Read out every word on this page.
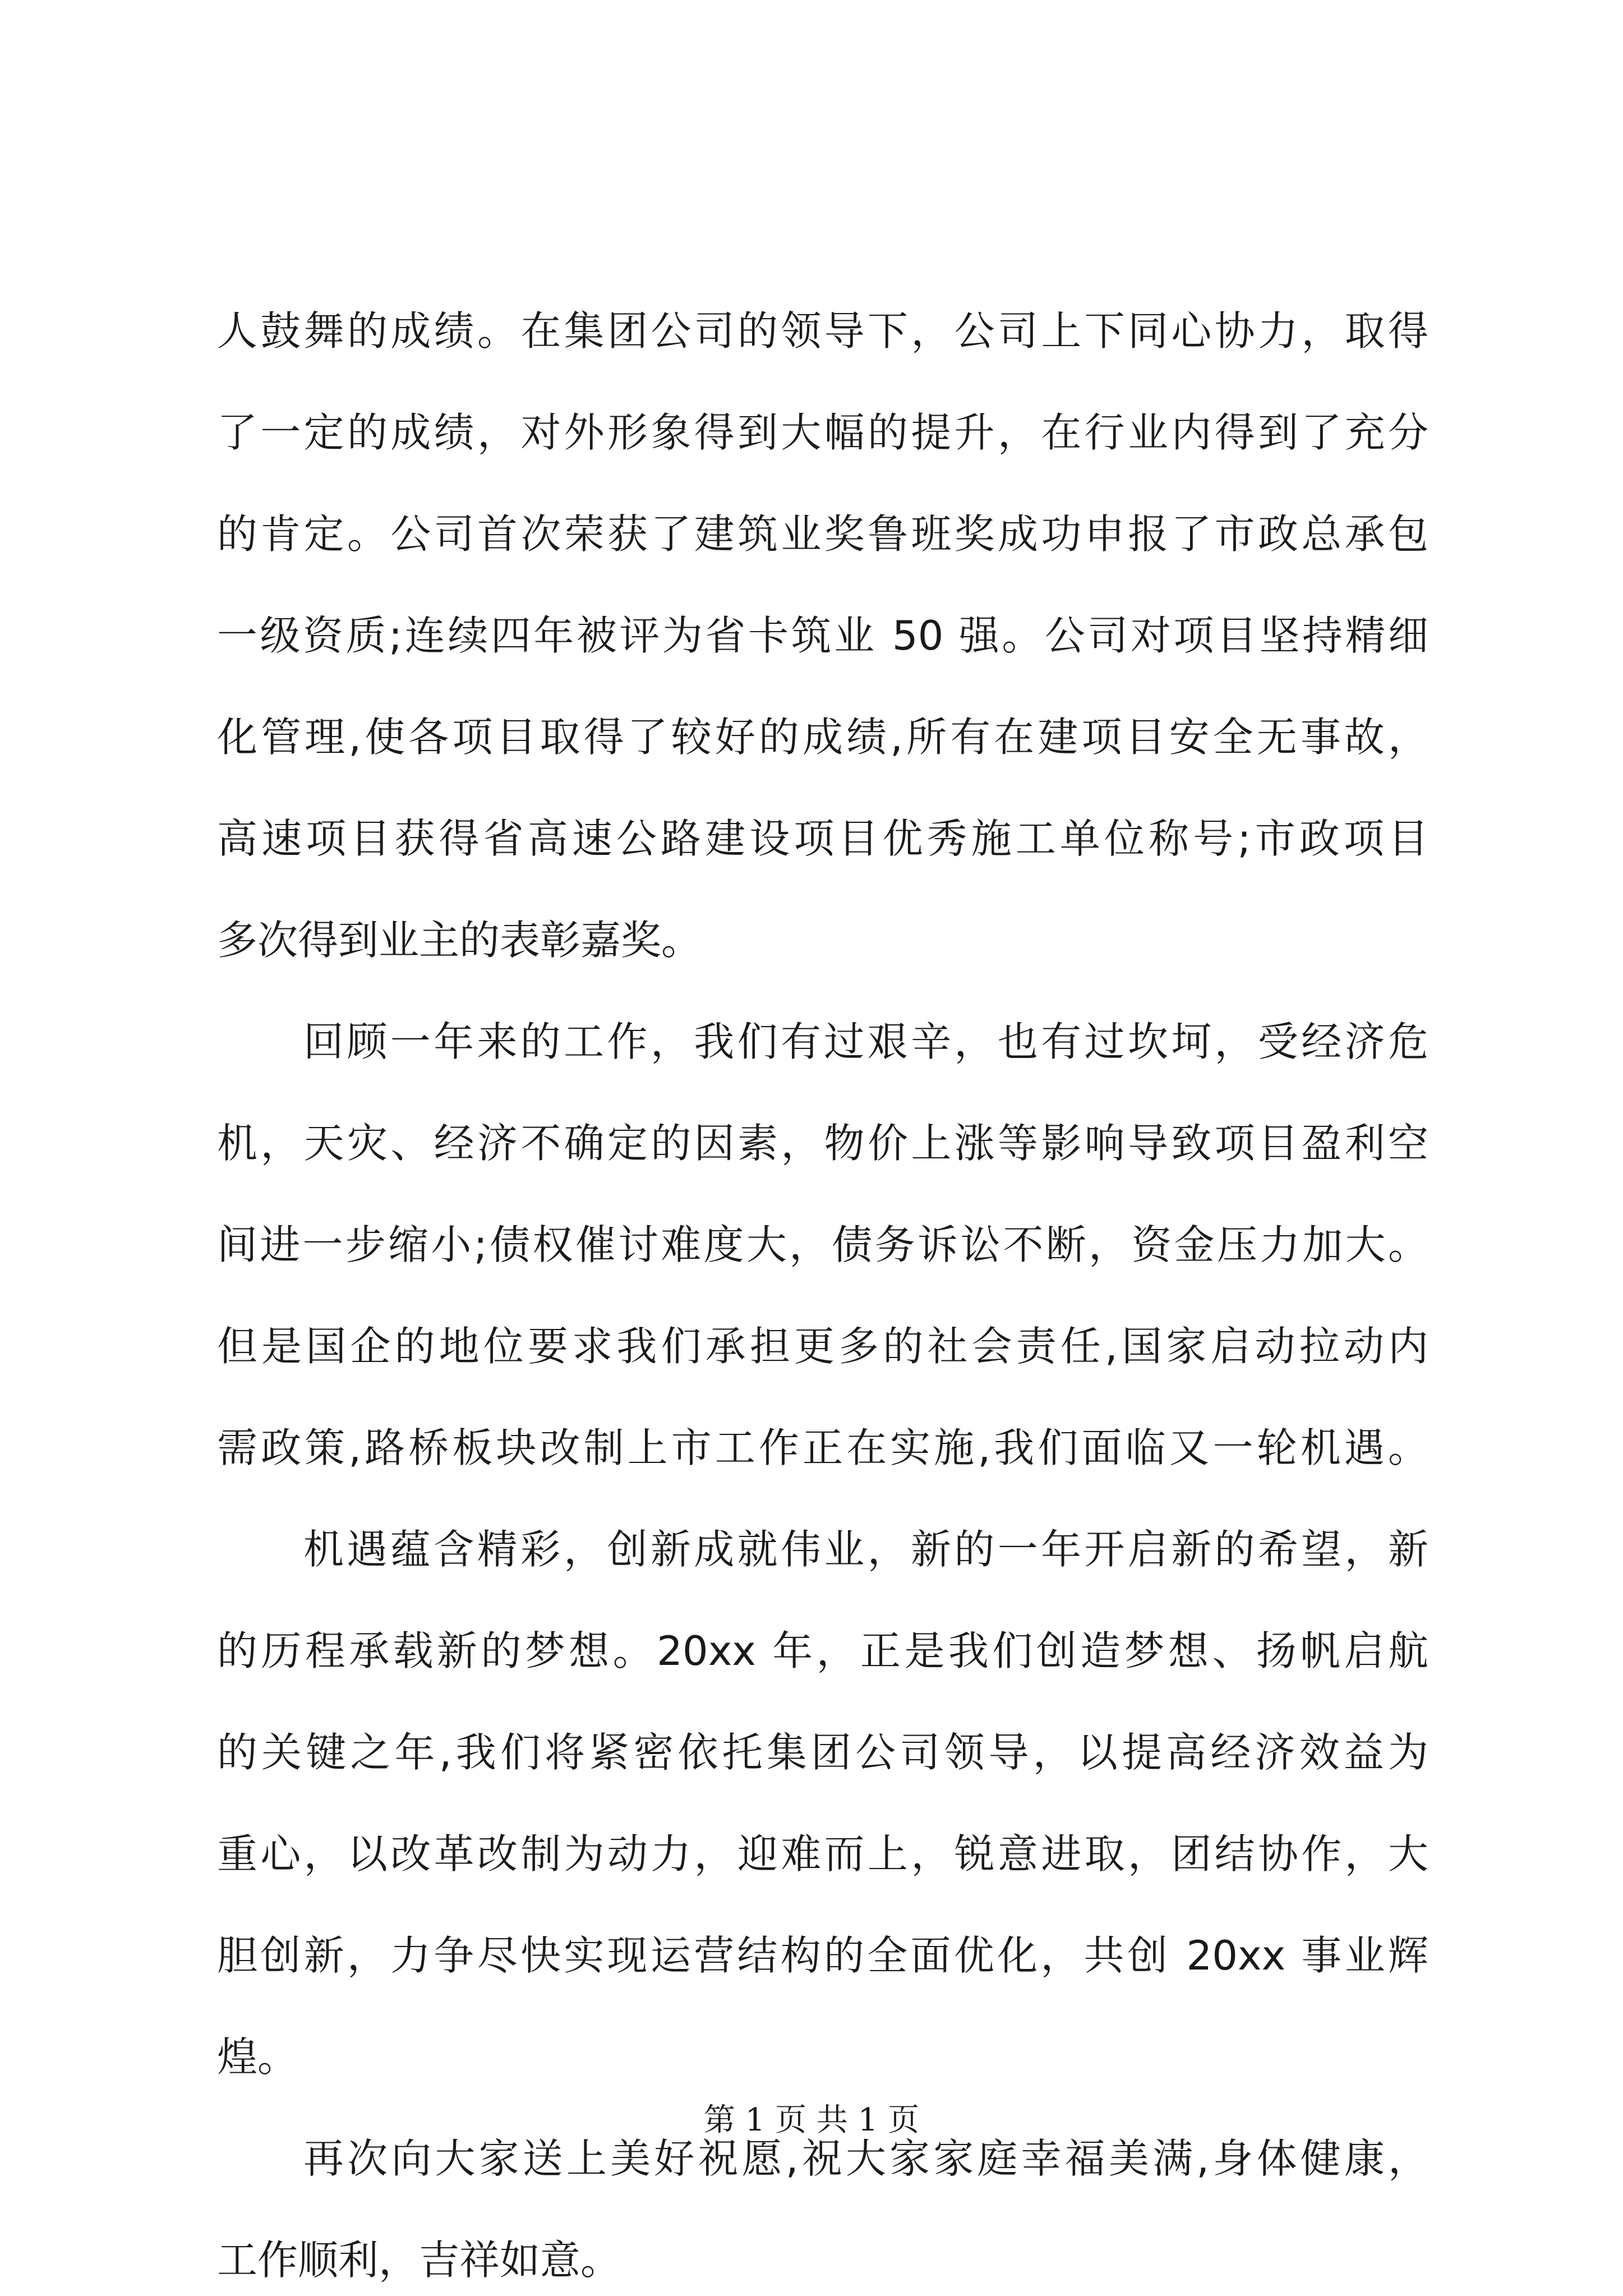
人鼓舞的成绩。在集团公司的领导下，公司上下同心协力，取得
了一定的成绩，对外形象得到大幅的提升，在行业内得到了充分
的肯定。公司首次荣获了建筑业奖鲁班奖成功申报了市政总承包
一级资质;连续四年被评为省卡筑业 50 强。公司对项目坚持精细
化管理,使各项目取得了较好的成绩,所有在建项目安全无事故，
高速项目获得省高速公路建设项目优秀施工单位称号;市政项目
多次得到业主的表彰嘉奖。
回顾一年来的工作，我们有过艰辛，也有过坎坷，受经济危
机，天灾、经济不确定的因素，物价上涨等影响导致项目盈利空
间进一步缩小;债权催讨难度大，债务诉讼不断，资金压力加大。
但是国企的地位要求我们承担更多的社会责任,国家启动拉动内
需政策,路桥板块改制上市工作正在实施,我们面临又一轮机遇。
机遇蕴含精彩，创新成就伟业，新的一年开启新的希望，新
的历程承载新的梦想。20xx 年，正是我们创造梦想、扬帆启航
的关键之年,我们将紧密依托集团公司领导，以提高经济效益为
重心，以改革改制为动力，迎难而上，锐意进取，团结协作，大
胆创新，力争尽快实现运营结构的全面优化，共创 20xx 事业辉
煌。
再次向大家送上美好祝愿,祝大家家庭幸福美满,身体健康，
工作顺利，吉祥如意。
第 1 页 共 1 页
